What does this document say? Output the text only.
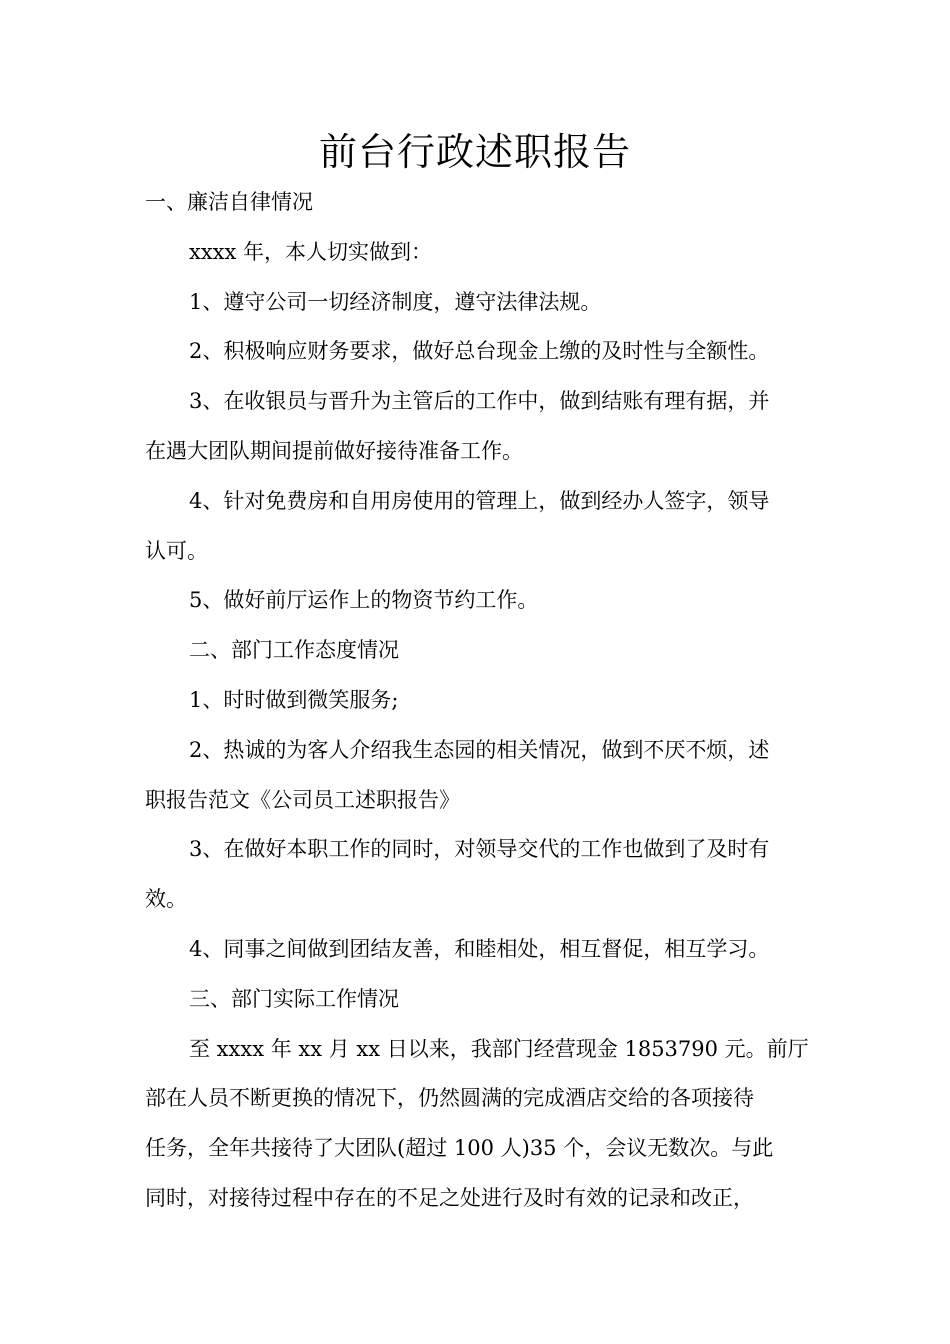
前台行政述职报告

一、廉洁自律情况

xxxx 年，本人切实做到：

1、遵守公司一切经济制度，遵守法律法规。

2、积极响应财务要求，做好总台现金上缴的及时性与全额性。

3、在收银员与晋升为主管后的工作中，做到结账有理有据，并

在遇大团队期间提前做好接待准备工作。

4、针对免费房和自用房使用的管理上，做到经办人签字，领导

认可。

5、做好前厅运作上的物资节约工作。

二、部门工作态度情况

1、时时做到微笑服务;

2、热诚的为客人介绍我生态园的相关情况，做到不厌不烦，述

职报告范文《公司员工述职报告》

3、在做好本职工作的同时，对领导交代的工作也做到了及时有

效。

4、同事之间做到团结友善，和睦相处，相互督促，相互学习。

三、部门实际工作情况

至 xxxx 年 xx 月 xx 日以来，我部门经营现金 1853790 元。前厅

部在人员不断更换的情况下，仍然圆满的完成酒店交给的各项接待

任务，全年共接待了大团队(超过 100 人)35 个，会议无数次。与此

同时，对接待过程中存在的不足之处进行及时有效的记录和改正，
